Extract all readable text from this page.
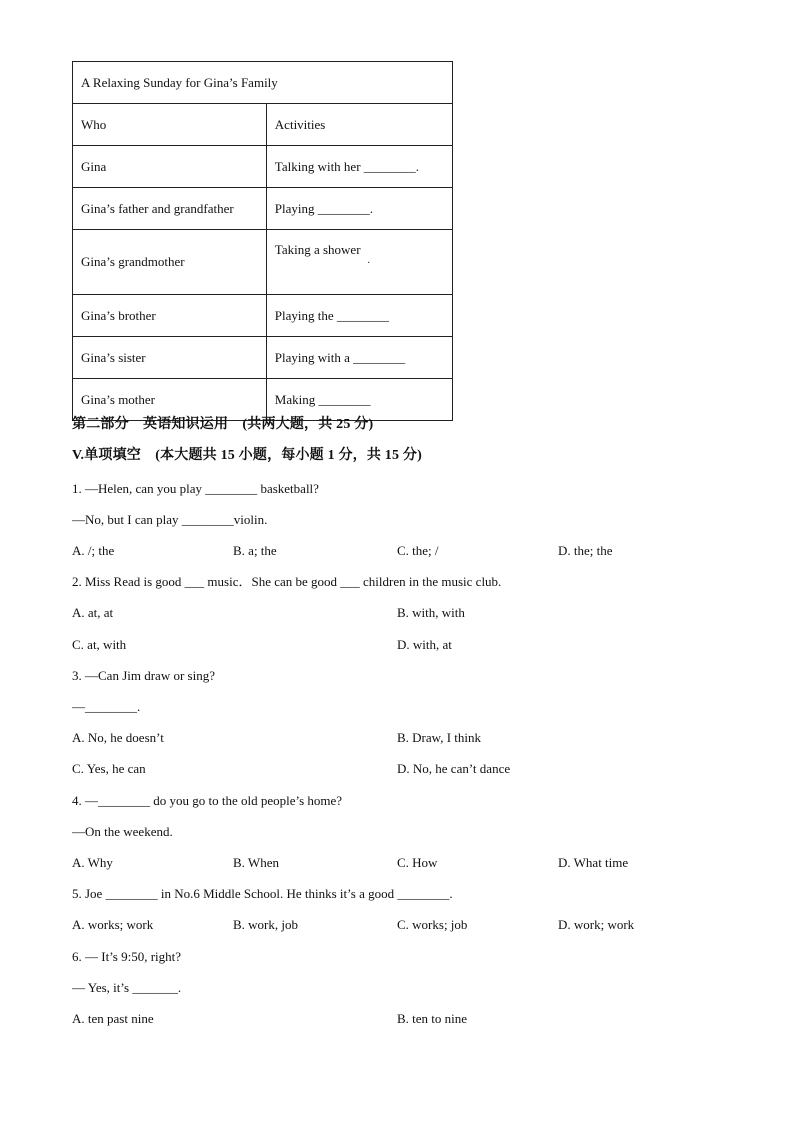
A Relaxing Sunday for Gina’s Family	
Who	Activities
Gina	Talking with her ________.
Gina’s father and grandfather	Playing ________.
Gina’s grandmother	Taking a shower
.

Gina’s brother	Playing the ________
Gina’s sister	Playing with a ________
Gina’s mother	Making ________
第二部分　英语知识运用　(共两大题，共 25 分)
V.单项填空　(本大题共 15 小题，每小题 1 分，共 15 分)
1. —Helen, can you play ________ basketball?
—No, but I can play ________violin.
A. /; the	B. a; the	C. the; /	D. the; the
2. Miss Read is good ___ music．She can be good ___ children in the music club.
A. at, at	B. with, with
C. at, with	D. with, at
3. —Can Jim draw or sing?
—________.
A. No, he doesn’t	B. Draw, I think
C. Yes, he can	D. No, he can’t dance
4. —________ do you go to the old people’s home?
—On the weekend.
A. Why	B. When	C. How	D. What time
5. Joe ________ in No.6 Middle School. He thinks it’s a good ________.
A. works; work	B. work, job	C. works; job	D. work; work
6. — It’s 9:50, right?
— Yes, it’s _______.
A. ten past nine	B. ten to nine
